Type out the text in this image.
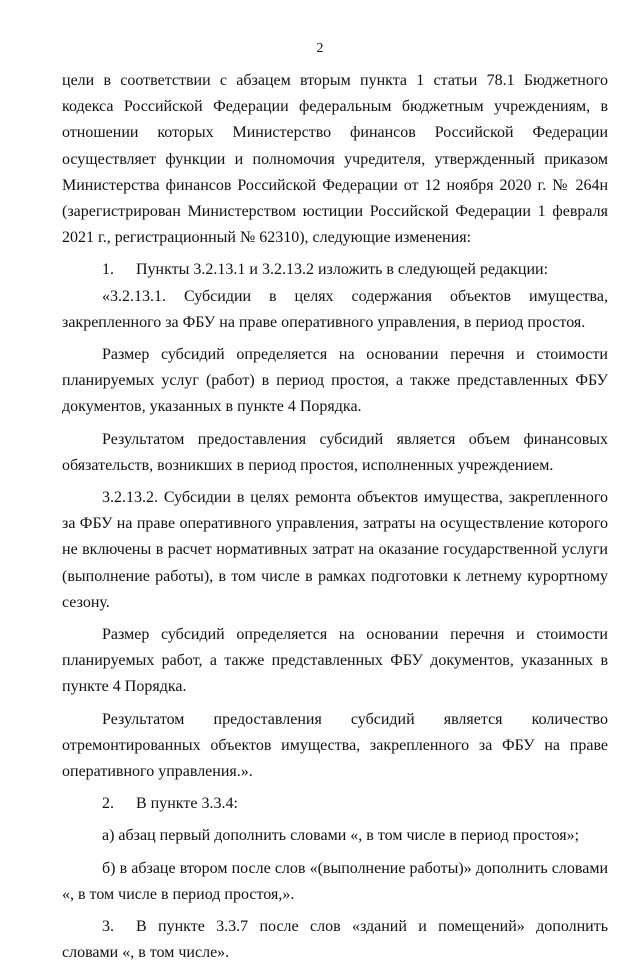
2

цели в соответствии с абзацем вторым пункта 1 статьи 78.1 Бюджетного кодекса Российской Федерации федеральным бюджетным учреждениям, в отношении которых Министерство финансов Российской Федерации осуществляет функции и полномочия учредителя, утвержденный приказом Министерства финансов Российской Федерации от 12 ноября 2020 г. № 264н (зарегистрирован Министерством юстиции Российской Федерации 1 февраля 2021 г., регистрационный № 62310), следующие изменения:

1. Пункты 3.2.13.1 и 3.2.13.2 изложить в следующей редакции:

«3.2.13.1. Субсидии в целях содержания объектов имущества, закрепленного за ФБУ на праве оперативного управления, в период простоя.

Размер субсидий определяется на основании перечня и стоимости планируемых услуг (работ) в период простоя, а также представленных ФБУ документов, указанных в пункте 4 Порядка.

Результатом предоставления субсидий является объем финансовых обязательств, возникших в период простоя, исполненных учреждением.

3.2.13.2. Субсидии в целях ремонта объектов имущества, закрепленного за ФБУ на праве оперативного управления, затраты на осуществление которого не включены в расчет нормативных затрат на оказание государственной услуги (выполнение работы), в том числе в рамках подготовки к летнему курортному сезону.

Размер субсидий определяется на основании перечня и стоимости планируемых работ, а также представленных ФБУ документов, указанных в пункте 4 Порядка.

Результатом предоставления субсидий является количество отремонтированных объектов имущества, закрепленного за ФБУ на праве оперативного управления.».

2. В пункте 3.3.4:

а) абзац первый дополнить словами «, в том числе в период простоя»;

б) в абзаце втором после слов «(выполнение работы)» дополнить словами «, в том числе в период простоя,».

3. В пункте 3.3.7 после слов «зданий и помещений» дополнить словами «, в том числе».
